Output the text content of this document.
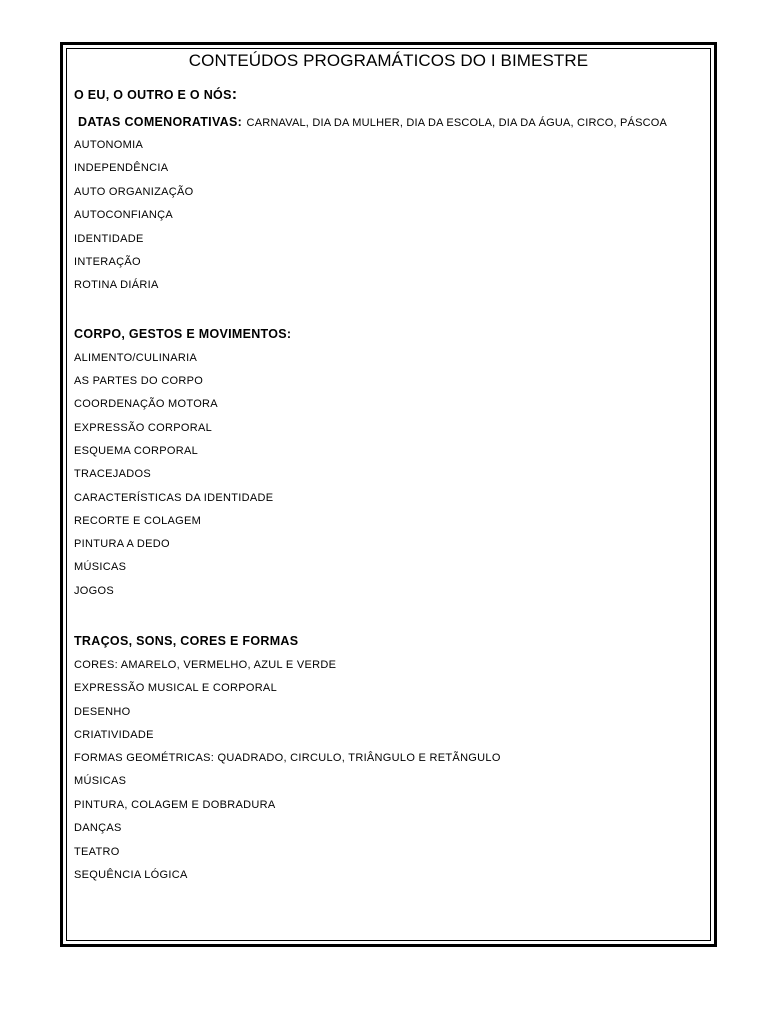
CONTEÚDOS PROGRAMÁTICOS DO I BIMESTRE
O EU, O OUTRO E O NÓS:
DATAS COMENORATIVAS: CARNAVAL, DIA DA MULHER, DIA DA ESCOLA, DIA DA ÁGUA, CIRCO, PÁSCOA
AUTONOMIA
INDEPENDÊNCIA
AUTO ORGANIZAÇÃO
AUTOCONFIANÇA
IDENTIDADE
INTERAÇÃO
ROTINA DIÁRIA
CORPO, GESTOS E MOVIMENTOS:
ALIMENTO/CULINARIA
AS PARTES DO CORPO
COORDENAÇÃO MOTORA
EXPRESSÃO CORPORAL
ESQUEMA CORPORAL
TRACEJADOS
CARACTERÍSTICAS DA IDENTIDADE
RECORTE E COLAGEM
PINTURA A DEDO
MÚSICAS
JOGOS
TRAÇOS, SONS, CORES E FORMAS
CORES: AMARELO, VERMELHO, AZUL E VERDE
EXPRESSÃO MUSICAL E CORPORAL
DESENHO
CRIATIVIDADE
FORMAS GEOMÉTRICAS: QUADRADO, CIRCULO, TRIÂNGULO E RETÃNGULO
MÚSICAS
PINTURA, COLAGEM E DOBRADURA
DANÇAS
TEATRO
SEQUÊNCIA LÓGICA
